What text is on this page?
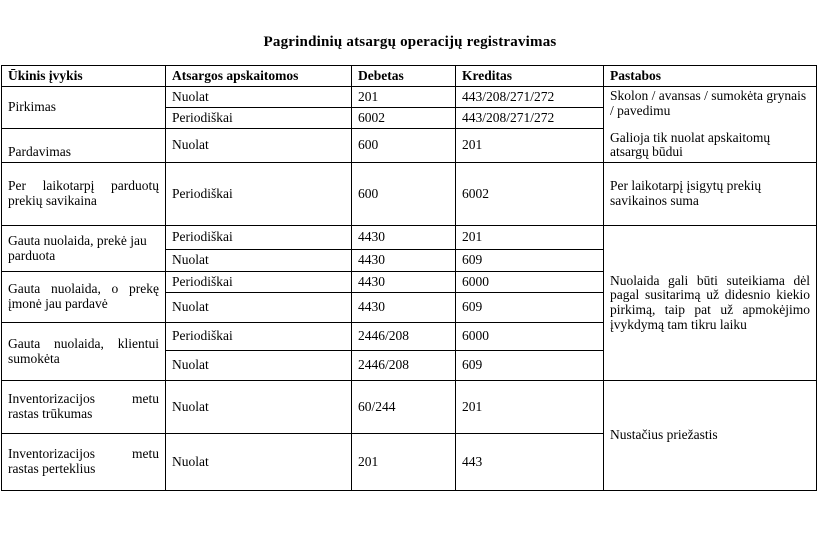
Pagrindinių atsargų operacijų registravimas
Ūkinis įvykis	Atsargos apskaitomos	Debetas	Kreditas	Pastabos
Pirkimas	Nuolat	201	443/208/271/272	Skolon / avansas / sumokėta grynais / pavedimu
	Periodiškai	6002	443/208/271/272	
Pardavimas	Nuolat	600	201	Galioja tik nuolat apskaitomų atsargų būdui
Per laikotarpį parduotų prekių savikaina	Periodiškai	600	6002	Per laikotarpį įsigytų prekių savikainos suma
Gauta nuolaida, prekė jau parduota	Periodiškai	4430	201	Nuolaida gali būti suteikiama dėl pagal susitarimą už didesnio kiekio pirkimą, taip pat už apmokėjimo įvykdymą tam tikru laiku
	Nuolat	4430	609	
Gauta nuolaida, o prekę įmonė jau pardavė	Periodiškai	4430	6000	
	Nuolat	4430	609	
Gauta nuolaida, klientui sumokėta	Periodiškai	2446/208	6000	
	Nuolat	2446/208	609	
Inventorizacijos metu rastas trūkumas	Nuolat	60/244	201	Nustačius priežastis
Inventorizacijos metu rastas perteklius	Nuolat	201	443	
